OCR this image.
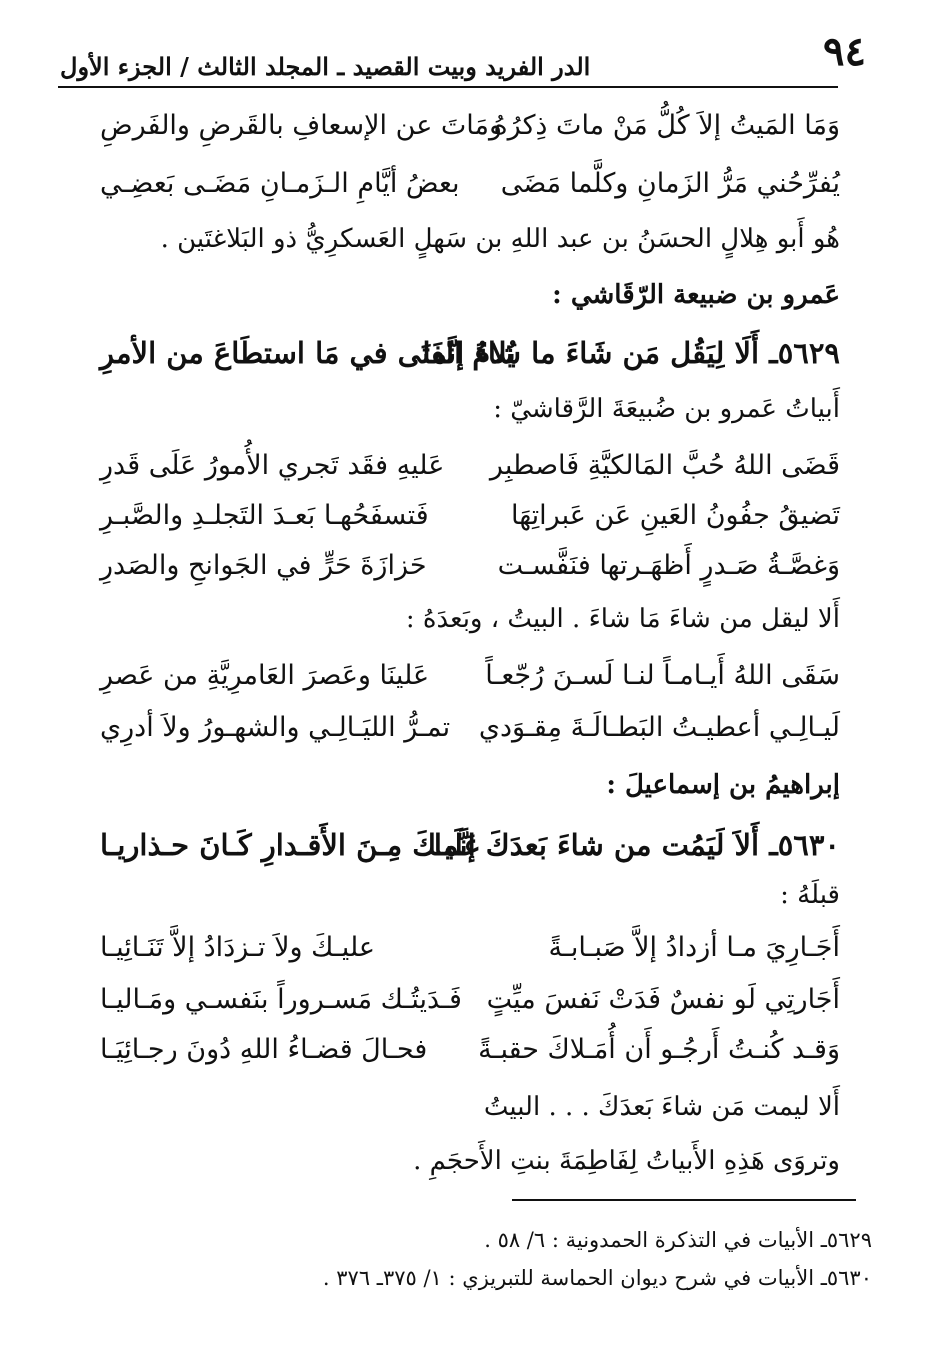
٩٤
الدر الفريد وبيت القصيد ـ المجلد الثالث / الجزء الأول
وَمَا المَيتُ إلاَ كُلُّ مَنْ ماتَ ذِكرُهُ
ومَاتَ عن الإسعافِ بالقَرضِ والفَرضِ
يُفرِّحُني مَرُّ الزَمانِ وكلَّما مَضَى
بعضُ أيَّامِ الـزَمـانِ مَضَـى بَعضِـي
هُو أَبو هِلالٍ الحسَنُ بن عبد اللهِ بن سَهلٍ العَسكرِيُّ ذو البَلاغتَين .
عَمرو بن ضبيعة الرّقَاشي :
٥٦٢٩ـ أَلَا لِيَقُل مَن شَاءَ ما شاءَ إنَّما
يُلامُ الفَتَى في مَا استطَاعَ من الأمرِ
أَبياتُ عَمرو بن ضُبيعَةَ الرَّقاشيّ :
قَضَى اللهُ حُبَّ المَالكيَّةِ فَاصطبِر
عَليهِ فقَد تَجري الأُمورُ عَلَى قَدرِ
تَضيقُ جفُونُ العَينِ عَن عَبراتِهَا
فَتسفَحُهـا بَعـدَ التَجلـدِ والصَّبـرِ
وَغصَّـةُ صَـدرٍ أَظهَـرتها فنَفَّسـت
حَزازَةَ حَرٍّ في الجَوانحِ والصَدرِ
أَلا ليقل من شاءَ مَا شاءَ . البيتُ ، وبَعدَهُ :
سَقَى اللهُ أَيـامـاً لنـا لَسـنَ رُجّعـاً
عَلينَا وعَصرَ العَامرِيَّةِ من عَصرِ
لَيـالِـي أعطيـتُ البَطـالَـةَ مِقـوَدي
تمـرُّ الليَـالِـي والشهـورُ ولاَ أدرِي
إبراهيمُ بن إسماعيلَ :
٥٦٣٠ـ أَلاَ لَيَمُت من شاءَ بَعدَكَ إنَّما
عَلَيـكَ مِـنَ الأَقـدارِ كَـانَ حـذاريـا
قبلَهُ :
أَجَـارِيَ مـا أزدادُ إلاَّ صَبـابـةً
عليـكَ ولاَ تـزدَادُ إلاَّ تَنَـائِيـا
أَجَارتِي لَو نفسٌ فَدَتْ نَفسَ ميِّتٍ
فَـدَيتُـك مَسـروراً بنَفسـي ومَـاليـا
وَقـد كُنـتُ أَرجُـو أَن أُمَـلاكَ حقبـةً
فحـالَ قضـاءُ اللهِ دُونَ رجـائِيَـا
أَلا ليمت مَن شاءَ بَعدَكَ . . . البيتُ
وتروَى هَذِهِ الأَبياتُ لِفَاطِمَةَ بنتِ الأَحجَمِ .
٥٦٢٩ـ الأبيات في التذكرة الحمدونية : ٦/ ٥٨ .
٥٦٣٠ـ الأبيات في شرح ديوان الحماسة للتبريزي : ١/ ٣٧٥ـ ٣٧٦ .
